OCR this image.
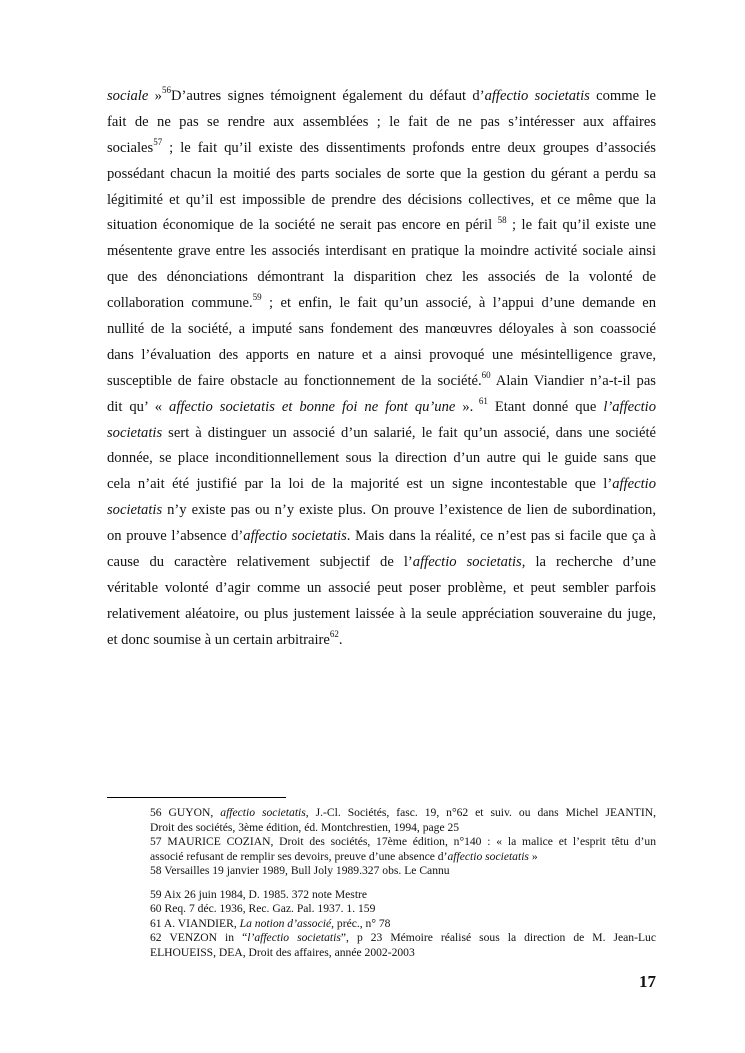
sociale »$^{56}$D’autres signes témoignent également du défaut d’affectio societatis comme le
fait de ne pas se rendre aux assemblées ; le fait de ne pas s’intéresser aux affaires
sociales$^{57}$ ; le fait qu’il existe des dissentiments profonds entre deux groupes d’associés
possédant chacun la moitié des parts sociales de sorte que la gestion du gérant a perdu sa
légitimité et qu’il est impossible de prendre des décisions collectives, et ce même que la
situation économique de la société ne serait pas encore en péril $^{58}$ ; le fait qu’il existe une
mésentente grave entre les associés interdisant en pratique la moindre activité sociale ainsi
que des dénonciations démontrant la disparition chez les associés de la volonté de
collaboration commune.$^{59}$ ; et enfin, le fait qu’un associé, à l’appui d’une demande en
nullité de la société, a imputé sans fondement des manœuvres déloyales à son coassocié
dans l’évaluation des apports en nature et a ainsi provoqué une mésintelligence grave,
susceptible de faire obstacle au fonctionnement de la société.$^{60}$ Alain Viandier n’a-t-il pas
dit qu’ « affectio societatis et bonne foi ne font qu’une ». $^{61}$ Etant donné que l’affectio
societatis sert à distinguer un associé d’un salarié, le fait qu’un associé, dans une société
donnée, se place inconditionnellement sous la direction d’un autre qui le guide sans que
cela n’ait été justifié par la loi de la majorité est un signe incontestable que l’affectio
societatis n’y existe pas ou n’y existe plus. On prouve l’existence de lien de subordination,
on prouve l’absence d’affectio societatis. Mais dans la réalité, ce n’est pas si facile que ça à
cause du caractère relativement subjectif de l’affectio societatis, la recherche d’une
véritable volonté d’agir comme un associé peut poser problème, et peut sembler parfois
relativement aléatoire, ou plus justement laissée à la seule appréciation souveraine du juge,
et donc soumise à un certain arbitraire$^{62}$.
56 GUYON, affectio societatis, J.-Cl. Sociétés, fasc. 19, n°62 et suiv. ou dans Michel JEANTIN,
Droit des sociétés, 3ème édition, éd. Montchrestien, 1994, page 25
57 MAURICE COZIAN, Droit des sociétés, 17ème édition, n°140 : « la malice et l’esprit têtu d’un
associé refusant de remplir ses devoirs, preuve d’une absence d’affectio societatis »
58 Versailles 19 janvier 1989, Bull Joly 1989.327 obs. Le Cannu
59 Aix 26 juin 1984, D. 1985. 372 note Mestre
60 Req. 7 déc. 1936, Rec. Gaz. Pal. 1937. 1. 159
61 A. VIANDIER, La notion d’associé, préc., n° 78
62 VENZON in “l’affectio societatis”, p 23 Mémoire réalisé sous la direction de M. Jean-Luc
ELHOUEISS, DEA, Droit des affaires, année 2002-2003
17
